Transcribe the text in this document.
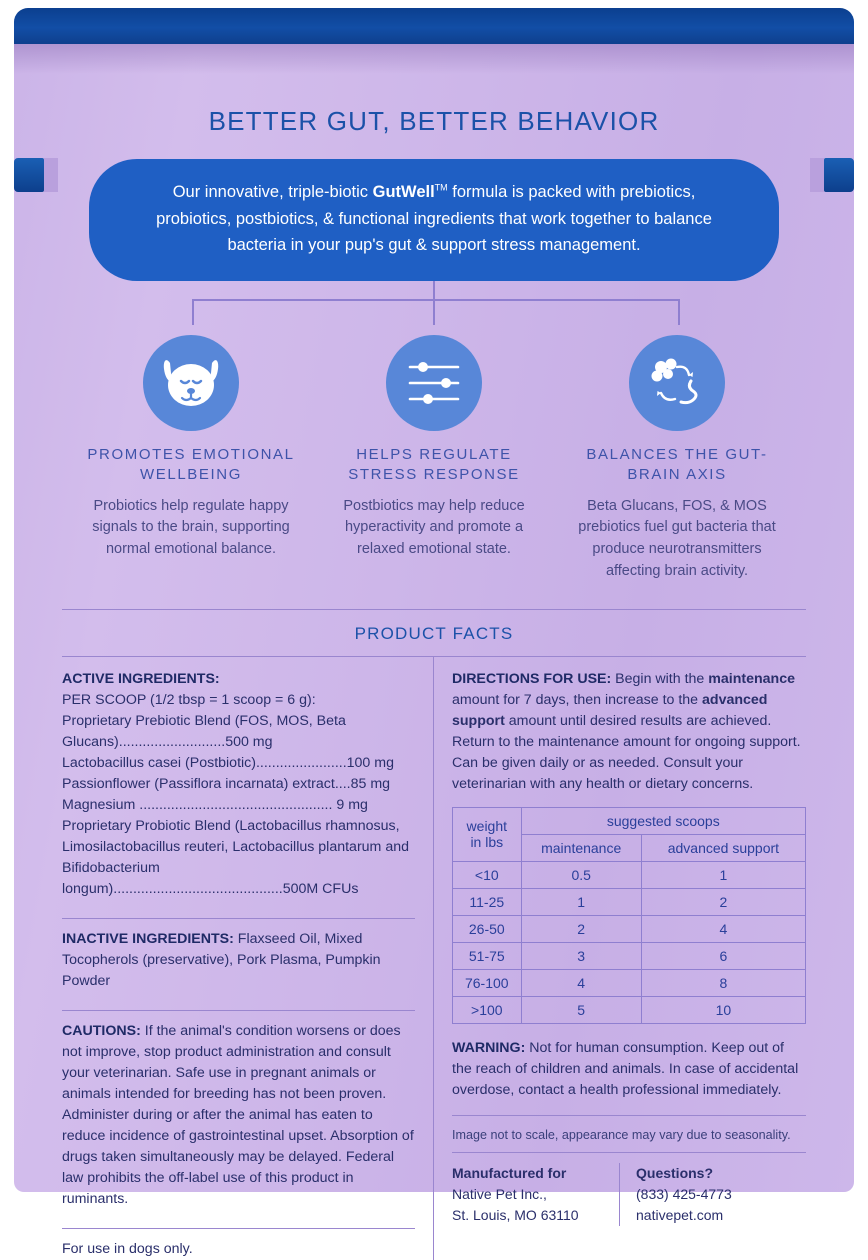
BETTER GUT, BETTER BEHAVIOR
Our innovative, triple-biotic GutWell™ formula is packed with prebiotics, probiotics, postbiotics, & functional ingredients that work together to balance bacteria in your pup's gut & support stress management.
PROMOTES EMOTIONAL WELLBEING
Probiotics help regulate happy signals to the brain, supporting normal emotional balance.
HELPS REGULATE STRESS RESPONSE
Postbiotics may help reduce hyperactivity and promote a relaxed emotional state.
BALANCES THE GUT-BRAIN AXIS
Beta Glucans, FOS, & MOS prebiotics fuel gut bacteria that produce neurotransmitters affecting brain activity.
PRODUCT FACTS
ACTIVE INGREDIENTS:
PER SCOOP (1/2 tbsp = 1 scoop = 6 g):
Proprietary Prebiotic Blend (FOS, MOS, Beta Glucans)...........................500 mg
Lactobacillus casei (Postbiotic).......................100 mg
Passionflower (Passiflora incarnata) extract....85 mg
Magnesium ................................................. 9 mg
Proprietary Probiotic Blend (Lactobacillus rhamnosus, Limosilactobacillus reuteri, Lactobacillus plantarum and Bifidobacterium longum)...........................................500M CFUs
INACTIVE INGREDIENTS: Flaxseed Oil, Mixed Tocopherols (preservative), Pork Plasma, Pumpkin Powder
CAUTIONS: If the animal's condition worsens or does not improve, stop product administration and consult your veterinarian. Safe use in pregnant animals or animals intended for breeding has not been proven. Administer during or after the animal has eaten to reduce incidence of gastrointestinal upset. Absorption of drugs taken simultaneously may be delayed. Federal law prohibits the off-label use of this product in ruminants.
For use in dogs only.
DIRECTIONS FOR USE: Begin with the maintenance amount for 7 days, then increase to the advanced support amount until desired results are achieved. Return to the maintenance amount for ongoing support. Can be given daily or as needed. Consult your veterinarian with any health or dietary concerns.
weight
in lbs	suggested scoops	
	maintenance	advanced support
<10	0.5	1
11-25	1	2
26-50	2	4
51-75	3	6
76-100	4	8
>100	5	10
WARNING: Not for human consumption. Keep out of the reach of children and animals. In case of accidental overdose, contact a health professional immediately.
Image not to scale, appearance may vary due to seasonality.
Manufactured for
Native Pet Inc.,
St. Louis, MO 63110
Questions?
(833) 425-4773
nativepet.com
